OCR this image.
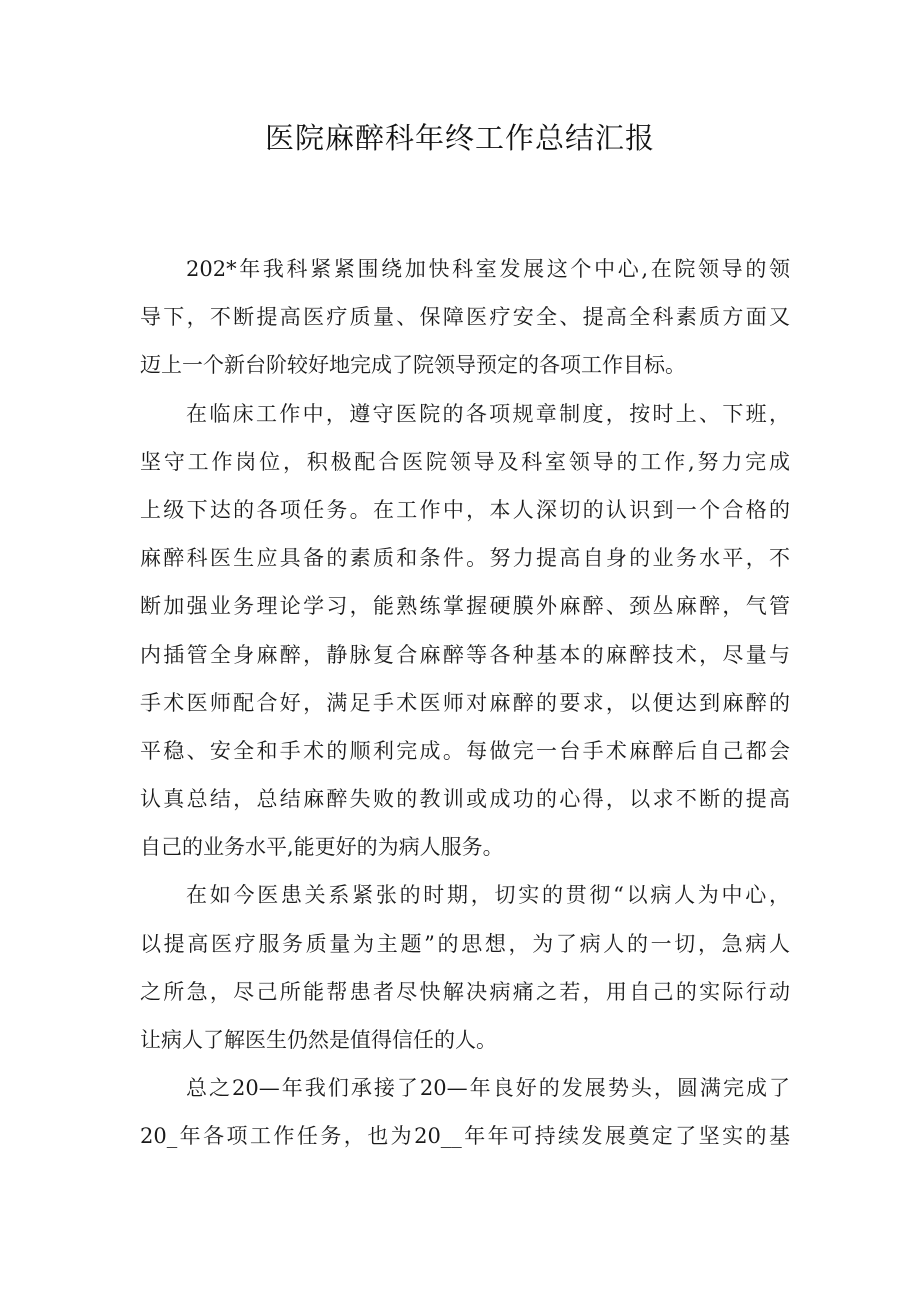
医院麻醉科年终工作总结汇报
202*年我科紧紧围绕加快科室发展这个中心,在院领导的领
导下，不断提高医疗质量、保障医疗安全、提高全科素质方面又
迈上一个新台阶较好地完成了院领导预定的各项工作目标。
在临床工作中，遵守医院的各项规章制度，按时上、下班，
坚守工作岗位，积极配合医院领导及科室领导的工作,努力完成
上级下达的各项任务。在工作中，本人深切的认识到一个合格的
麻醉科医生应具备的素质和条件。努力提高自身的业务水平，不
断加强业务理论学习，能熟练掌握硬膜外麻醉、颈丛麻醉，气管
内插管全身麻醉，静脉复合麻醉等各种基本的麻醉技术，尽量与
手术医师配合好，满足手术医师对麻醉的要求，以便达到麻醉的
平稳、安全和手术的顺利完成。每做完一台手术麻醉后自己都会
认真总结，总结麻醉失败的教训或成功的心得，以求不断的提高
自己的业务水平,能更好的为病人服务。
在如今医患关系紧张的时期，切实的贯彻“以病人为中心，
以提高医疗服务质量为主题”的思想，为了病人的一切，急病人
之所急，尽己所能帮患者尽快解决病痛之若，用自己的实际行动
让病人了解医生仍然是值得信任的人。
总之20—年我们承接了20—年良好的发展势头，圆满完成了
20_年各项工作任务，也为20__年年可持续发展奠定了坚实的基
